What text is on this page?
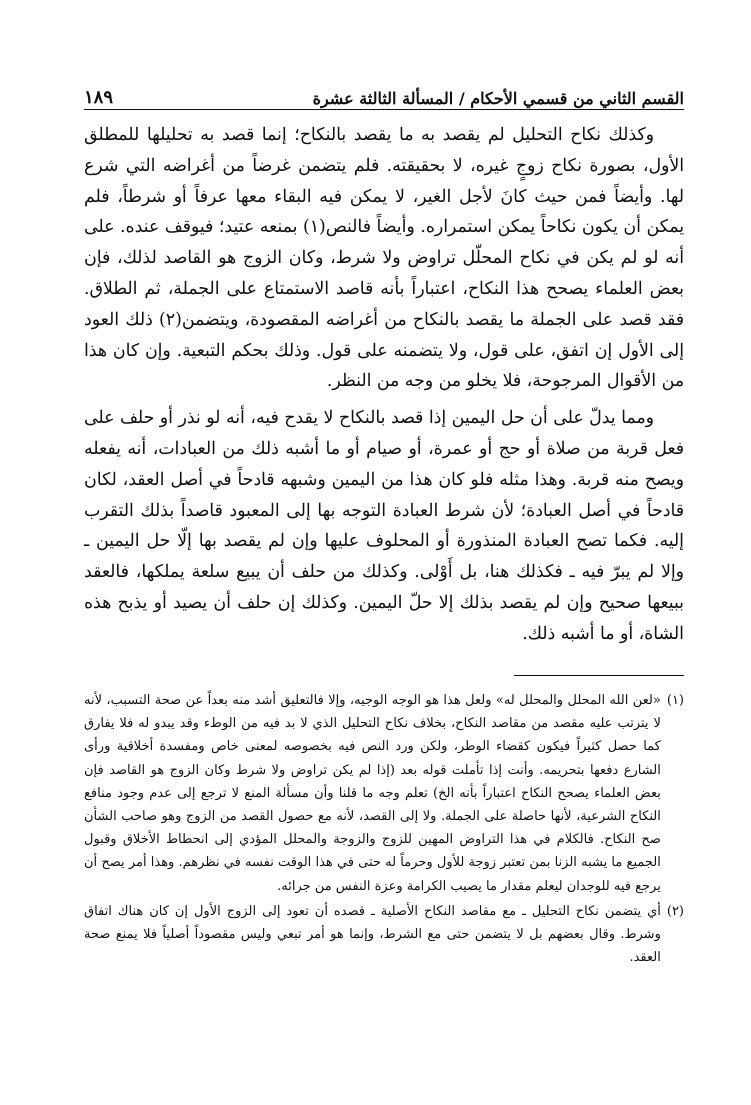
القسم الثاني من قسمي الأحكام / المسألة الثالثة عشرة
١٨٩

وكذلك نكاح التحليل لم يقصد به ما يقصد بالنكاح؛ إنما قصد به تحليلها للمطلق الأول، بصورة نكاح زوجٍ غيره، لا بحقيقته. فلم يتضمن غرضاً من أغراضه التي شرع لها. وأيضاً فمن حيث كانَ لأجل الغير، لا يمكن فيه البقاء معها عرفاً أو شرطاً، فلم يمكن أن يكون نكاحاً يمكن استمراره. وأيضاً فالنص(١) بمنعه عتيد؛ فيوقف عنده. على أنه لو لم يكن في نكاح المحلّل تراوض ولا شرط، وكان الزوج هو القاصد لذلك، فإن بعض العلماء يصحح هذا النكاح، اعتباراً بأنه قاصد الاستمتاع على الجملة، ثم الطلاق. فقد قصد على الجملة ما يقصد بالنكاح من أغراضه المقصودة، ويتضمن(٢) ذلك العود إلى الأول إن اتفق، على قول، ولا يتضمنه على قول. وذلك بحكم التبعية. وإن كان هذا من الأقوال المرجوحة، فلا يخلو من وجه من النظر.

ومما يدلّ على أن حل اليمين إذا قصد بالنكاح لا يقدح فيه، أنه لو نذر أو حلف على فعل قربة من صلاة أو حج أو عمرة، أو صيام أو ما أشبه ذلك من العبادات، أنه يفعله ويصح منه قربة. وهذا مثله فلو كان هذا من اليمين وشبهه قادحاً في أصل العقد، لكان قادحاً في أصل العبادة؛ لأن شرط العبادة التوجه بها إلى المعبود قاصداً بذلك التقرب إليه. فكما تصح العبادة المنذورة أو المحلوف عليها وإن لم يقصد بها إلّا حل اليمين ـ وإلا لم يبرّ فيه ـ فكذلك هنا، بل أَوْلى. وكذلك من حلف أن يبيع سلعة يملكها، فالعقد ببيعها صحيح وإن لم يقصد بذلك إلا حلّ اليمين. وكذلك إن حلف أن يصيد أو يذبح هذه الشاة، أو ما أشبه ذلك.

(١)
«لعن الله المحلل والمحلل له» ولعل هذا هو الوجه الوجيه، وإلا فالتعليق أشد منه بعداً عن صحة التسبب، لأنه لا يترتب عليه مقصد من مقاصد النكاح، بخلاف نكاح التحليل الذي لا بد فيه من الوطء وقد يبدو له فلا يفارق كما حصل كثيراً فيكون كقضاء الوطر، ولكن ورد النص فيه بخصوصه لمعنى خاص ومفسدة أخلاقية ورأى الشارع دفعها بتحريمه. وأنت إذا تأملت قوله بعد (إذا لم يكن تراوض ولا شرط وكان الزوج هو القاصد فإن بعض العلماء يصحح النكاح اعتباراً بأنه الخ) تعلم وجه ما قلنا وأن مسألة المنع لا ترجع إلى عدم وجود منافع النكاح الشرعية، لأنها حاصلة على الجملة. ولا إلى القصد، لأنه مع حصول القصد من الزوج وهو صاحب الشأن صح النكاح. فالكلام في هذا التراوض المهين للزوج والزوجة والمحلل المؤدي إلى انحطاط الأخلاق وقبول الجميع ما يشبه الزنا بمن تعتبر زوجة للأول وحرماً له حتى في هذا الوقت نفسه في نظرهم. وهذا أمر يصح أن يرجع فيه للوجدان ليعلم مقدار ما يصيب الكرامة وعزة النفس من جرائه.
(٢)
أي يتضمن نكاح التحليل ـ مع مقاصد النكاح الأصلية ـ قصده أن تعود إلى الزوج الأول إن كان هناك اتفاق وشرط. وقال بعضهم بل لا يتضمن حتى مع الشرط، وإنما هو أمر تبعي وليس مقصوداً أصلياً فلا يمنع صحة العقد.
